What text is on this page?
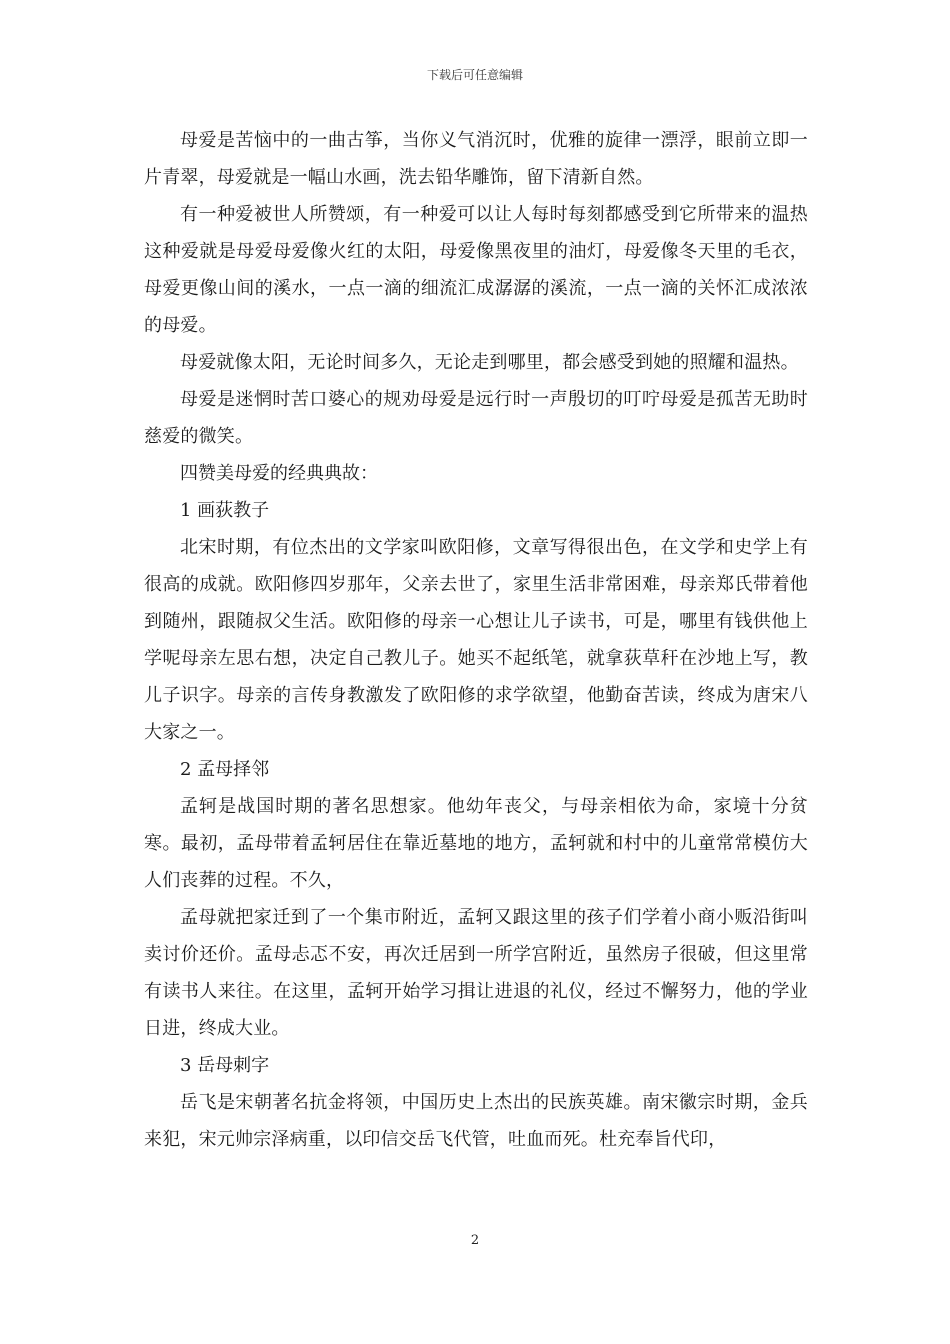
下载后可任意编辑

母爱是苦恼中的一曲古筝，当你义气消沉时，优雅的旋律一漂浮，眼前立即一片青翠，母爱就是一幅山水画，洗去铅华雕饰，留下清新自然。

有一种爱被世人所赞颂，有一种爱可以让人每时每刻都感受到它所带来的温热这种爱就是母爱母爱像火红的太阳，母爱像黑夜里的油灯，母爱像冬天里的毛衣，母爱更像山间的溪水，一点一滴的细流汇成潺潺的溪流，一点一滴的关怀汇成浓浓的母爱。

母爱就像太阳，无论时间多久，无论走到哪里，都会感受到她的照耀和温热。

母爱是迷惘时苦口婆心的规劝母爱是远行时一声殷切的叮咛母爱是孤苦无助时慈爱的微笑。

四赞美母爱的经典典故：

1 画荻教子

北宋时期，有位杰出的文学家叫欧阳修，文章写得很出色，在文学和史学上有很高的成就。欧阳修四岁那年，父亲去世了，家里生活非常困难，母亲郑氏带着他到随州，跟随叔父生活。欧阳修的母亲一心想让儿子读书，可是，哪里有钱供他上学呢母亲左思右想，决定自己教儿子。她买不起纸笔，就拿荻草秆在沙地上写，教儿子识字。母亲的言传身教激发了欧阳修的求学欲望，他勤奋苦读，终成为唐宋八大家之一。

2 孟母择邻

孟轲是战国时期的著名思想家。他幼年丧父，与母亲相依为命，家境十分贫寒。最初，孟母带着孟轲居住在靠近墓地的地方，孟轲就和村中的儿童常常模仿大人们丧葬的过程。不久，

孟母就把家迁到了一个集市附近，孟轲又跟这里的孩子们学着小商小贩沿街叫卖讨价还价。孟母忐忑不安，再次迁居到一所学宫附近，虽然房子很破，但这里常有读书人来往。在这里，孟轲开始学习揖让进退的礼仪，经过不懈努力，他的学业日进，终成大业。

3 岳母刺字

岳飞是宋朝著名抗金将领，中国历史上杰出的民族英雄。南宋徽宗时期，金兵来犯，宋元帅宗泽病重，以印信交岳飞代管，吐血而死。杜充奉旨代印，

2
